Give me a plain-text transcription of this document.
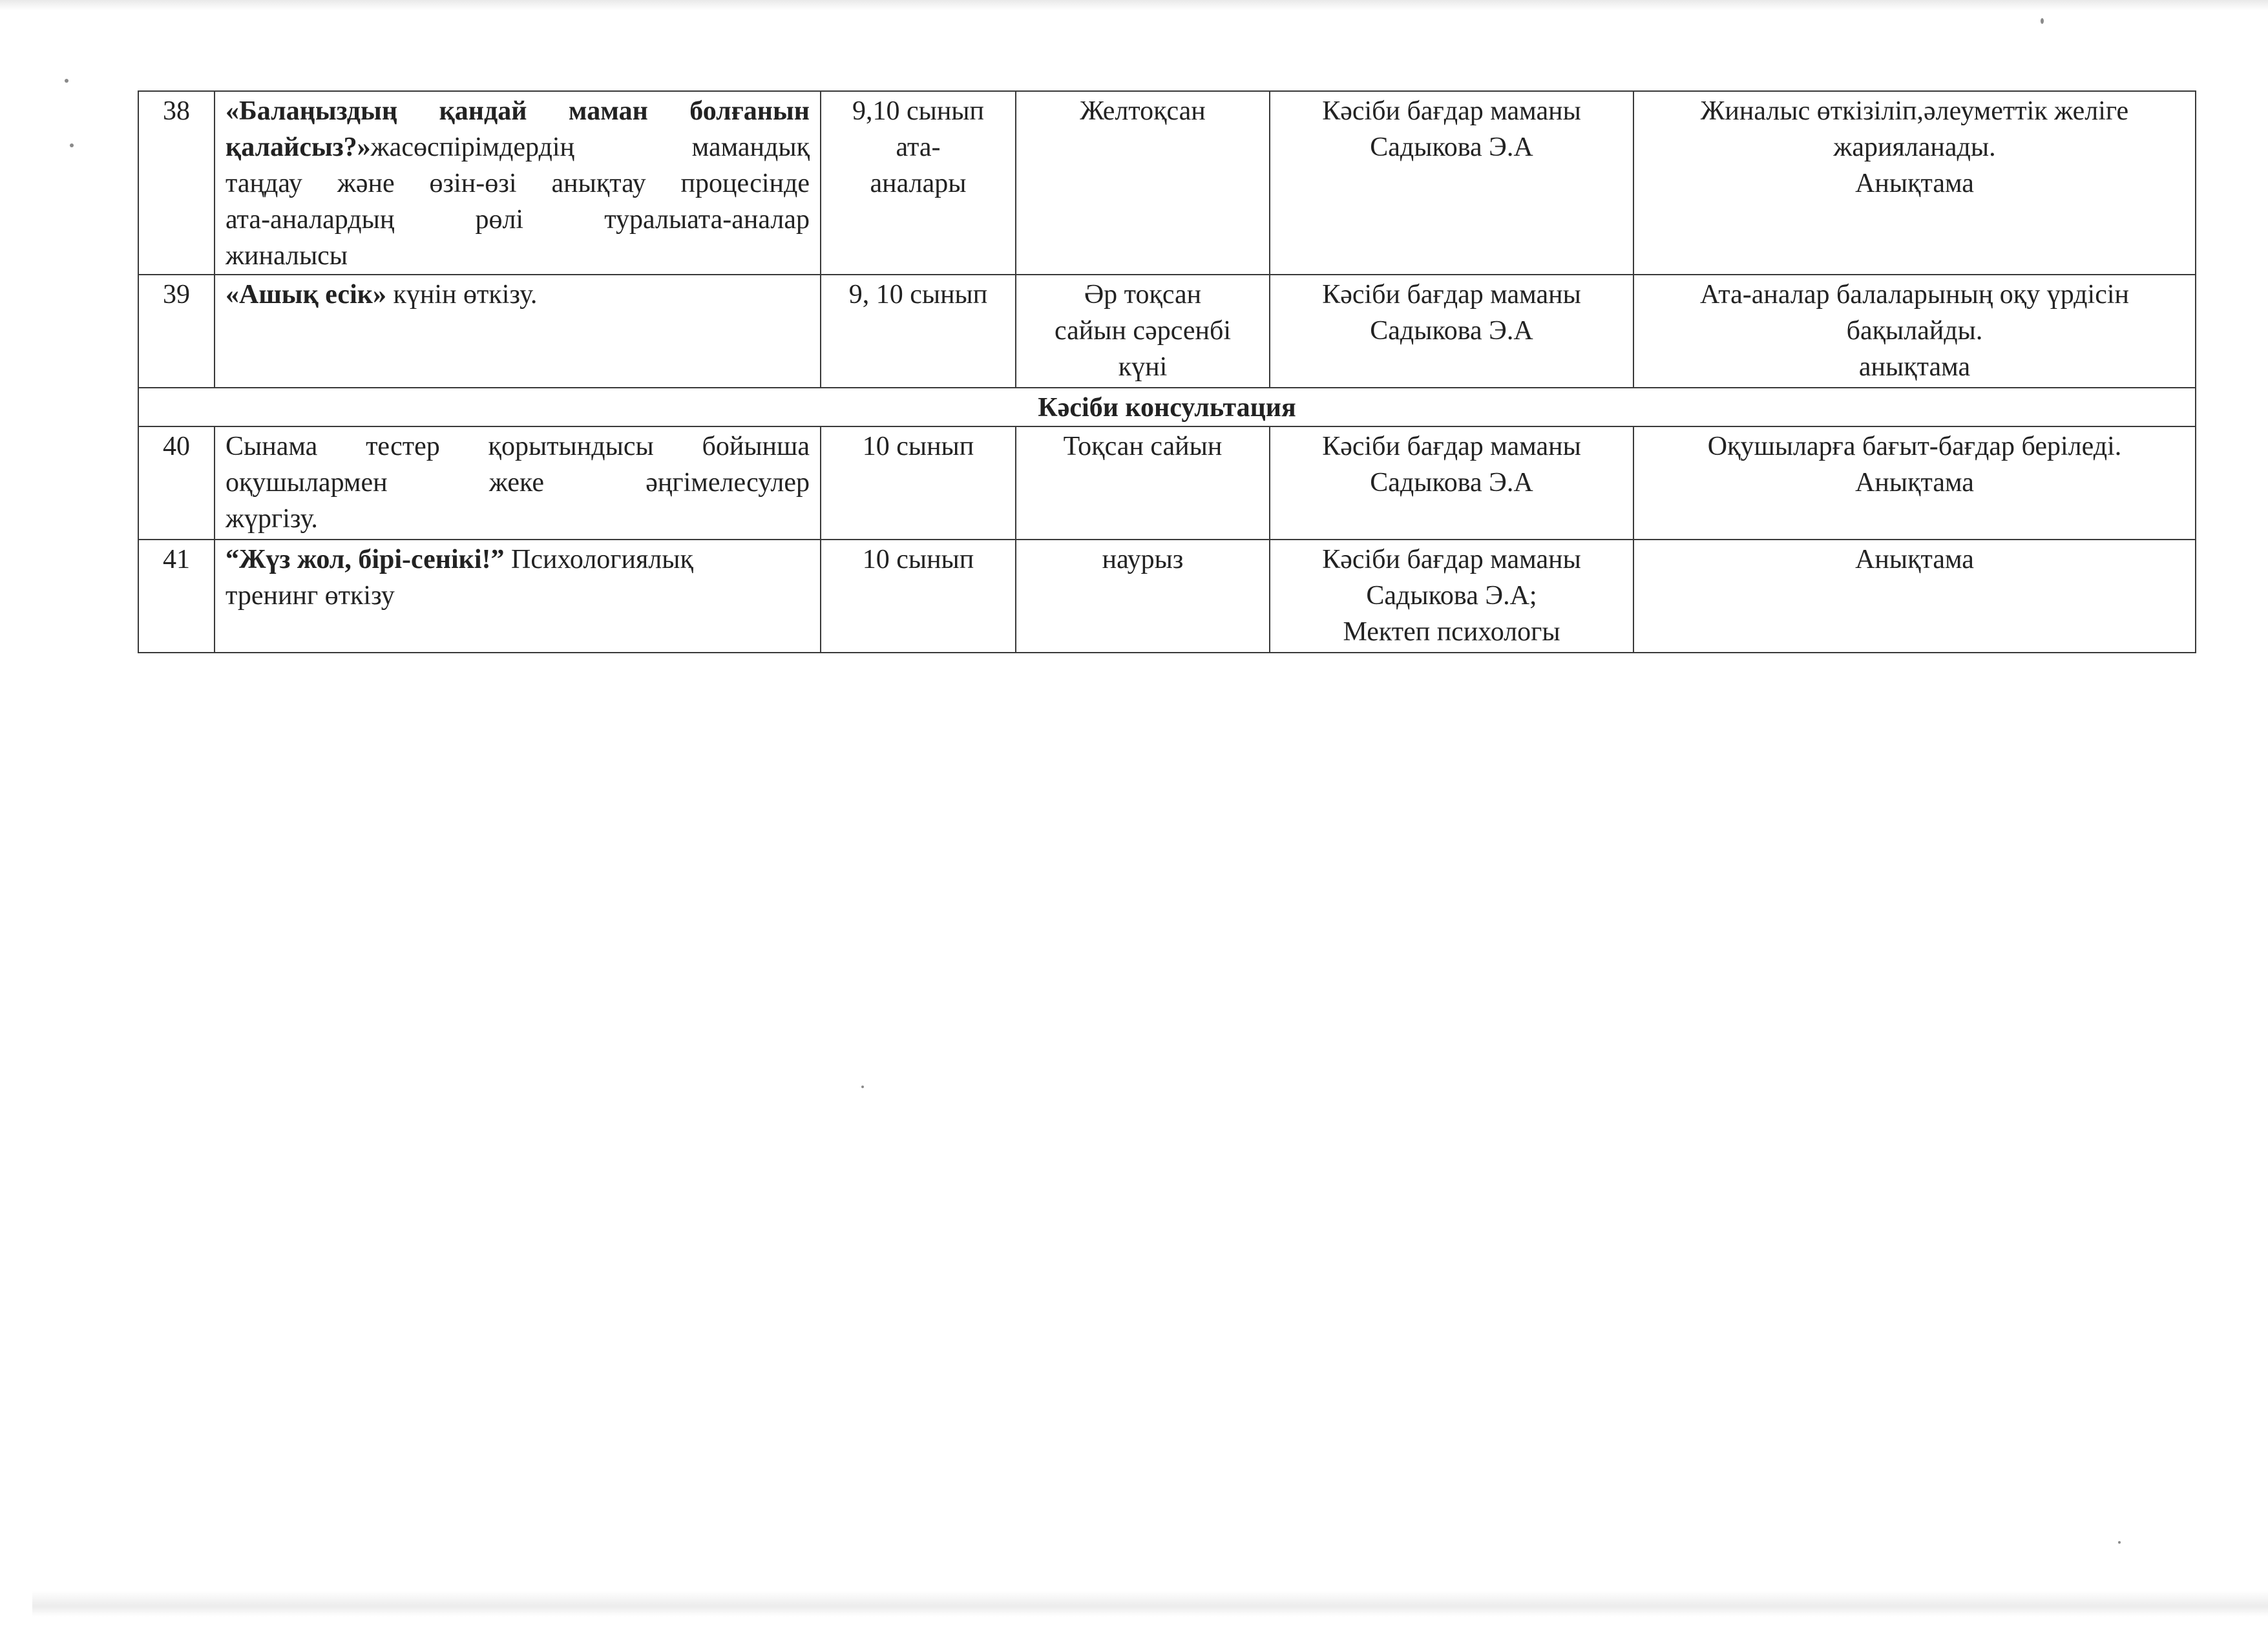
38	«Балаңыздың қандай маман болғанын
қалайсыз?»жасөспірімдердің мамандық
таңдау және өзін-өзі анықтау процесінде
ата-аналардың рөлі туралыата-аналар
жиналысы	9,10 сынып
ата-
аналары	Желтоқсан	Кәсіби бағдар маманы
Садыкова Э.А	Жиналыс өткізіліп,әлеуметтік желіге
жарияланады.
Анықтама

39	«Ашық есік» күнін өткізу.	9, 10 сынып	Әр тоқсан
сайын сәрсенбі
күні	Кәсіби бағдар маманы
Садыкова Э.А	Ата-аналар балаларының оқу үрдісін
бақылайды.
анықтама

Кәсіби консультация					
40	Сынама тестер қорытындысы бойынша
оқушылармен жеке әңгімелесулер
жүргізу.	10 сынып	Тоқсан сайын	Кәсіби бағдар маманы
Садыкова Э.А	Оқушыларға бағыт-бағдар беріледі.
Анықтама

41	“Жүз жол, бірі-сенікі!” Психологиялық
тренинг өткізу	10 сынып	наурыз	Кәсіби бағдар маманы
Садыкова Э.А;
Мектеп психологы	Анықтама
